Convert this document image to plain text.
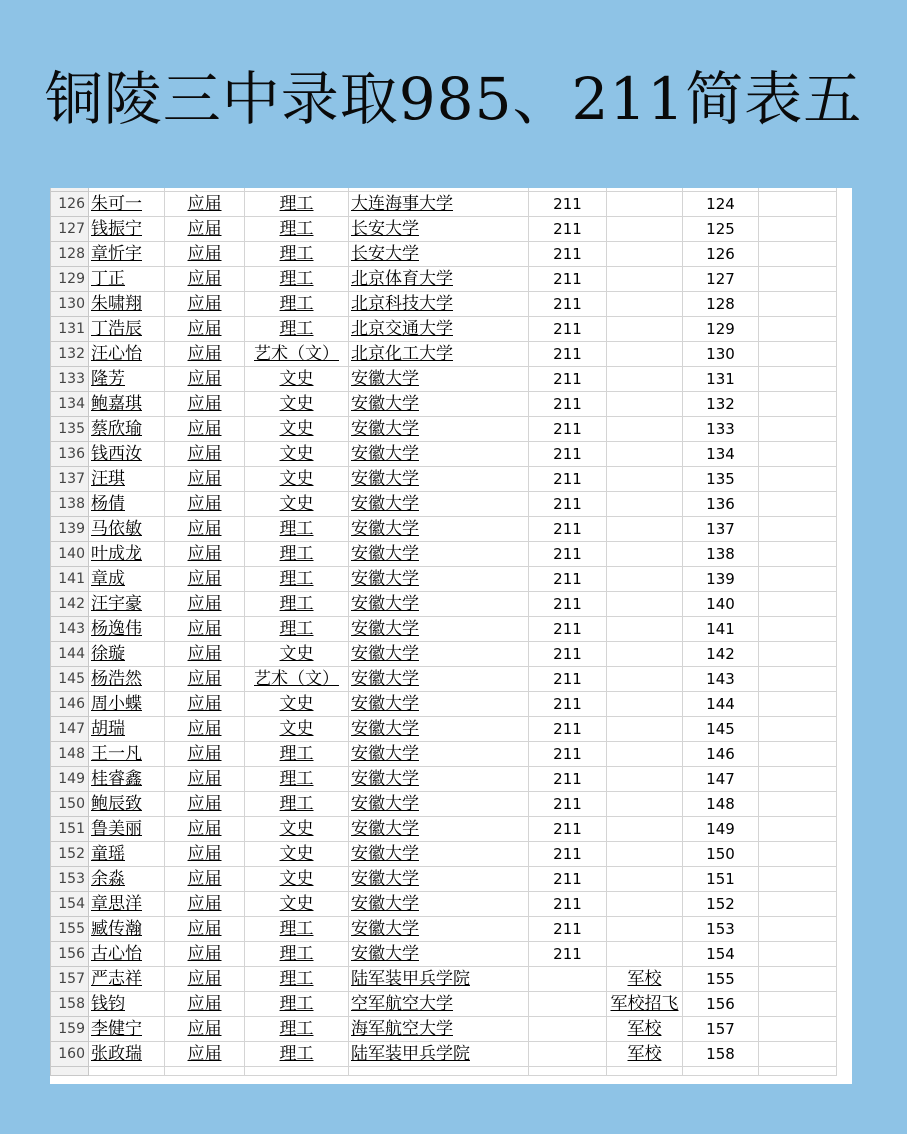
铜陵三中录取985、211简表五

126	朱可一	应届	理工	大连海事大学	211		124	
127	钱振宁	应届	理工	长安大学	211		125	
128	章忻宇	应届	理工	长安大学	211		126	
129	丁正	应届	理工	北京体育大学	211		127	
130	朱啸翔	应届	理工	北京科技大学	211		128	
131	丁浩辰	应届	理工	北京交通大学	211		129	
132	汪心怡	应届	艺术（文）	北京化工大学	211		130	
133	隆芳	应届	文史	安徽大学	211		131	
134	鲍嘉琪	应届	文史	安徽大学	211		132	
135	蔡欣瑜	应届	文史	安徽大学	211		133	
136	钱西汝	应届	文史	安徽大学	211		134	
137	汪琪	应届	文史	安徽大学	211		135	
138	杨倩	应届	文史	安徽大学	211		136	
139	马依敏	应届	理工	安徽大学	211		137	
140	叶成龙	应届	理工	安徽大学	211		138	
141	章成	应届	理工	安徽大学	211		139	
142	汪宇豪	应届	理工	安徽大学	211		140	
143	杨逸伟	应届	理工	安徽大学	211		141	
144	徐璇	应届	文史	安徽大学	211		142	
145	杨浩然	应届	艺术（文）	安徽大学	211		143	
146	周小蝶	应届	文史	安徽大学	211		144	
147	胡瑞	应届	文史	安徽大学	211		145	
148	王一凡	应届	理工	安徽大学	211		146	
149	桂睿鑫	应届	理工	安徽大学	211		147	
150	鲍辰致	应届	理工	安徽大学	211		148	
151	鲁美丽	应届	文史	安徽大学	211		149	
152	童瑶	应届	文史	安徽大学	211		150	
153	余淼	应届	文史	安徽大学	211		151	
154	章思洋	应届	文史	安徽大学	211		152	
155	臧传瀚	应届	理工	安徽大学	211		153	
156	古心怡	应届	理工	安徽大学	211		154	
157	严志祥	应届	理工	陆军装甲兵学院		军校	155	
158	钱钧	应届	理工	空军航空大学		军校招飞	156	
159	李健宁	应届	理工	海军航空大学		军校	157	
160	张政瑞	应届	理工	陆军装甲兵学院		军校	158	
